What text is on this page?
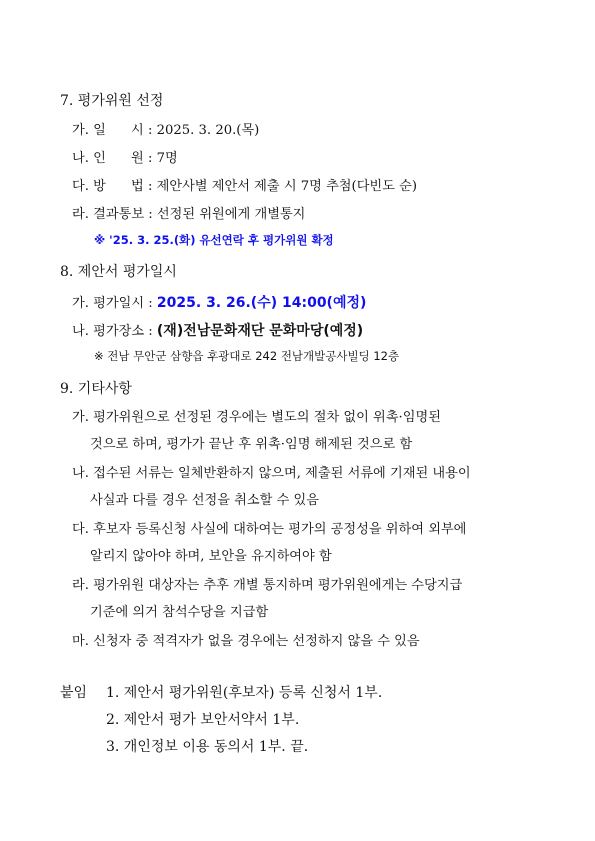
7. 평가위원 선정
가. 일      시 : 2025. 3. 20.(목)
나. 인      원 : 7명
다. 방      법 : 제안사별 제안서 제출 시 7명 추첨(다빈도 순)
라. 결과통보 : 선정된 위원에게 개별통지
※ '25. 3. 25.(화) 유선연락 후 평가위원 확정
8. 제안서 평가일시
가. 평가일시 : 2025. 3. 26.(수) 14:00(예정)
나. 평가장소 : (재)전남문화재단 문화마당(예정)
※ 전남 무안군 삼향읍 후광대로 242 전남개발공사빌딩 12층
9. 기타사항
가. 평가위원으로 선정된 경우에는 별도의 절차 없이 위촉·임명된
것으로 하며, 평가가 끝난 후 위촉·임명 해제된 것으로 함
나. 접수된 서류는 일체반환하지 않으며, 제출된 서류에 기재된 내용이
사실과 다를 경우 선정을 취소할 수 있음
다. 후보자 등록신청 사실에 대하여는 평가의 공정성을 위하여 외부에
알리지 않아야 하며, 보안을 유지하여야 함
라. 평가위원 대상자는 추후 개별 통지하며 평가위원에게는 수당지급
기준에 의거 참석수당을 지급함
마. 신청자 중 적격자가 없을 경우에는 선정하지 않을 수 있음
붙임 1. 제안서 평가위원(후보자) 등록 신청서 1부.
2. 제안서 평가 보안서약서 1부.
3. 개인정보 이용 동의서 1부. 끝.
